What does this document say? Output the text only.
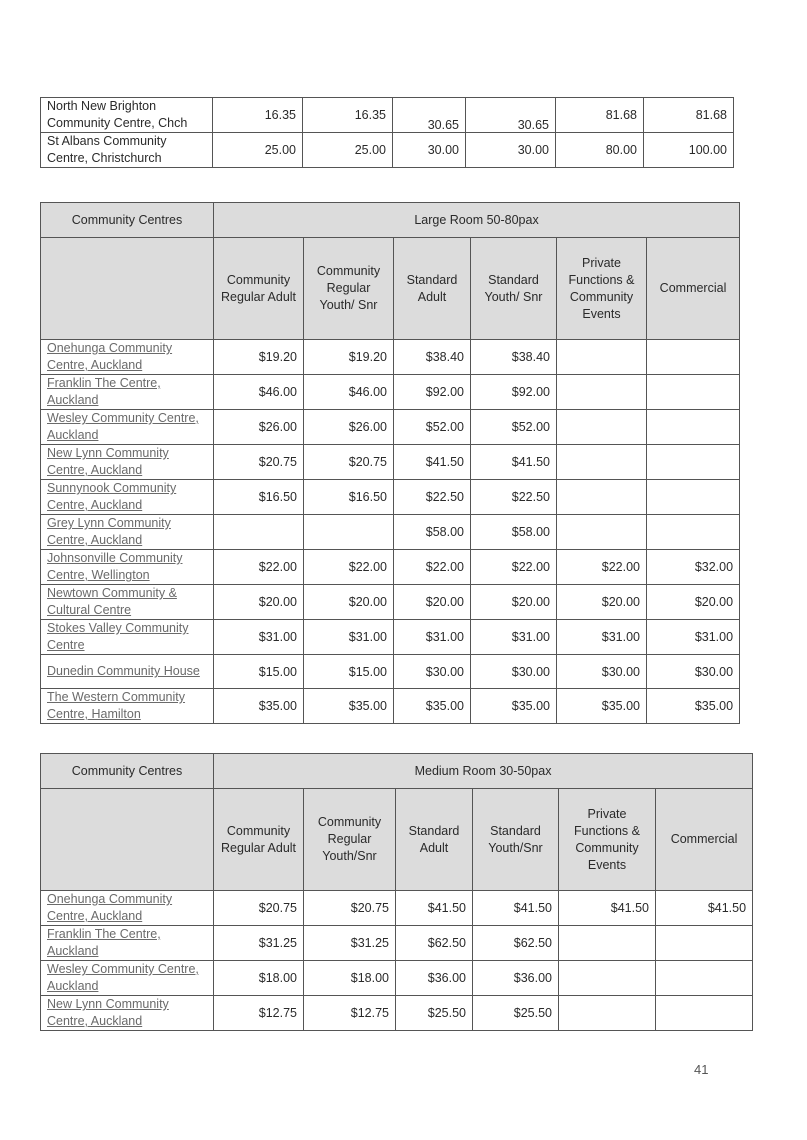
North New Brighton Community Centre, Chch	16.35	16.35	30.65	30.65	81.68	81.68
St Albans Community Centre, Christchurch	25.00	25.00	30.00	30.00	80.00	100.00
Community Centres	Large Room 50-80pax					
	Community Regular Adult	Community Regular Youth/ Snr	Standard Adult	Standard Youth/ Snr	Private Functions & Community Events	Commercial
Onehunga Community Centre, Auckland	$19.20	$19.20	$38.40	$38.40		
Franklin The Centre, Auckland	$46.00	$46.00	$92.00	$92.00		
Wesley Community Centre, Auckland	$26.00	$26.00	$52.00	$52.00		
New Lynn Community Centre, Auckland	$20.75	$20.75	$41.50	$41.50		
Sunnynook Community Centre, Auckland	$16.50	$16.50	$22.50	$22.50		
Grey Lynn Community Centre, Auckland			$58.00	$58.00		
Johnsonville Community Centre, Wellington	$22.00	$22.00	$22.00	$22.00	$22.00	$32.00
Newtown Community & Cultural Centre	$20.00	$20.00	$20.00	$20.00	$20.00	$20.00
Stokes Valley Community Centre	$31.00	$31.00	$31.00	$31.00	$31.00	$31.00
Dunedin Community House	$15.00	$15.00	$30.00	$30.00	$30.00	$30.00
The Western Community Centre, Hamilton	$35.00	$35.00	$35.00	$35.00	$35.00	$35.00
Community Centres	Medium Room 30-50pax					
	Community Regular Adult	Community Regular Youth/Snr	Standard Adult	Standard Youth/Snr	Private Functions & Community Events	Commercial
Onehunga Community Centre, Auckland	$20.75	$20.75	$41.50	$41.50	$41.50	$41.50
Franklin The Centre, Auckland	$31.25	$31.25	$62.50	$62.50		
Wesley Community Centre, Auckland	$18.00	$18.00	$36.00	$36.00		
New Lynn Community Centre, Auckland	$12.75	$12.75	$25.50	$25.50		
41
